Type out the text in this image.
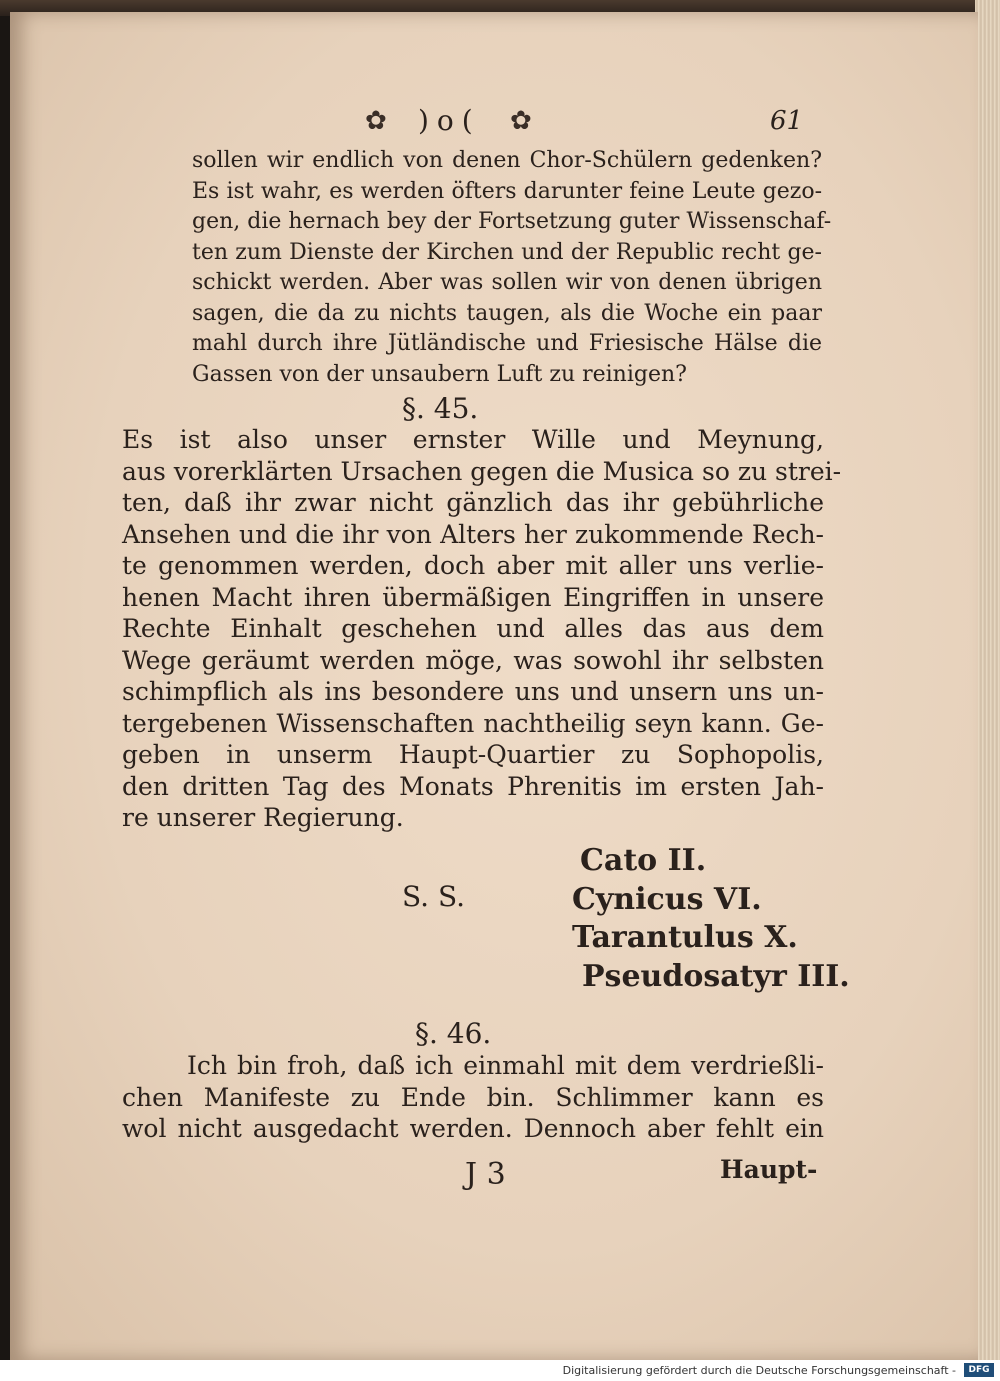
✿ )o( ✿	61
sollen wir endlich von denen Chor-Schülern gedenken?
Es ist wahr, es werden öfters darunter feine Leute gezo-
gen, die hernach bey der Fortsetzung guter Wissenschaf-
ten zum Dienste der Kirchen und der Republic recht ge-
schickt werden. Aber was sollen wir von denen übrigen
sagen, die da zu nichts taugen, als die Woche ein paar
mahl durch ihre Jütländische und Friesische Hälse die
Gassen von der unsaubern Luft zu reinigen?
§. 45.
Es ist also unser ernster Wille und Meynung,
aus vorerklärten Ursachen gegen die Musica so zu strei-
ten, daß ihr zwar nicht gänzlich das ihr gebührliche
Ansehen und die ihr von Alters her zukommende Rech-
te genommen werden, doch aber mit aller uns verlie-
henen Macht ihren übermäßigen Eingriffen in unsere
Rechte Einhalt geschehen und alles das aus dem
Wege geräumt werden möge, was sowohl ihr selbsten
schimpflich als ins besondere uns und unsern uns un-
tergebenen Wissenschaften nachtheilig seyn kann. Ge-
geben in unserm Haupt-Quartier zu Sophopolis,
den dritten Tag des Monats Phrenitis im ersten Jah-
re unserer Regierung.
S. S.
Cato II.
Cynicus VI.
Tarantulus X.
Pseudosatyr III.
§. 46.
Ich bin froh, daß ich einmahl mit dem verdrießli-
chen Manifeste zu Ende bin. Schlimmer kann es
wol nicht ausgedacht werden. Dennoch aber fehlt ein
J 3	Haupt-
Digitalisierung gefördert durch die Deutsche Forschungsgemeinschaft -	DFG
